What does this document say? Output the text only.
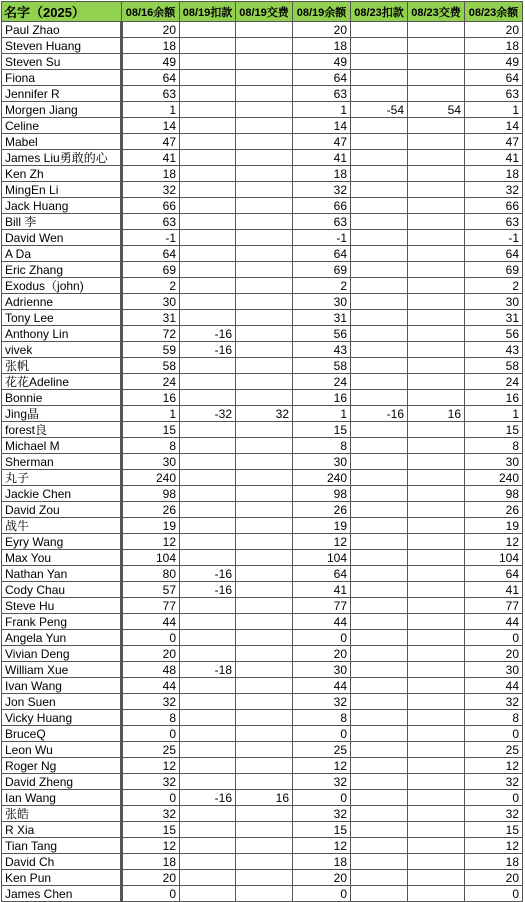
名字（2025）	08/16余额	08/19扣款	08/19交费	08/19余额	08/23扣款	08/23交费	08/23余额
Paul Zhao	20			20			20
Steven Huang	18			18			18
Steven Su	49			49			49
Fiona	64			64			64
Jennifer R	63			63			63
Morgen Jiang	1			1	-54	54	1
Celine	14			14			14
Mabel	47			47			47
James Liu勇敢的心	41			41			41
Ken Zh	18			18			18
MingEn Li	32			32			32
Jack Huang	66			66			66
Bill 李	63			63			63
David Wen	-1			-1			-1
A Da	64			64			64
Eric Zhang	69			69			69
Exodus（john)	2			2			2
Adrienne	30			30			30
Tony Lee	31			31			31
Anthony Lin	72	-16		56			56
vivek	59	-16		43			43
张帆	58			58			58
花花Adeline	24			24			24
Bonnie	16			16			16
Jing晶	1	-32	32	1	-16	16	1
forest良	15			15			15
Michael M	8			8			8
Sherman	30			30			30
丸子	240			240			240
Jackie Chen	98			98			98
David Zou	26			26			26
战牛	19			19			19
Eyry Wang	12			12			12
Max You	104			104			104
Nathan Yan	80	-16		64			64
Cody Chau	57	-16		41			41
Steve Hu	77			77			77
Frank Peng	44			44			44
Angela Yun	0			0			0
Vivian Deng	20			20			20
William Xue	48	-18		30			30
Ivan Wang	44			44			44
Jon Suen	32			32			32
Vicky Huang	8			8			8
BruceQ	0			0			0
Leon Wu	25			25			25
Roger Ng	12			12			12
David Zheng	32			32			32
Ian Wang	0	-16	16	0			0
张皓	32			32			32
R Xia	15			15			15
Tian Tang	12			12			12
David Ch	18			18			18
Ken Pun	20			20			20
James Chen	0			0			0
